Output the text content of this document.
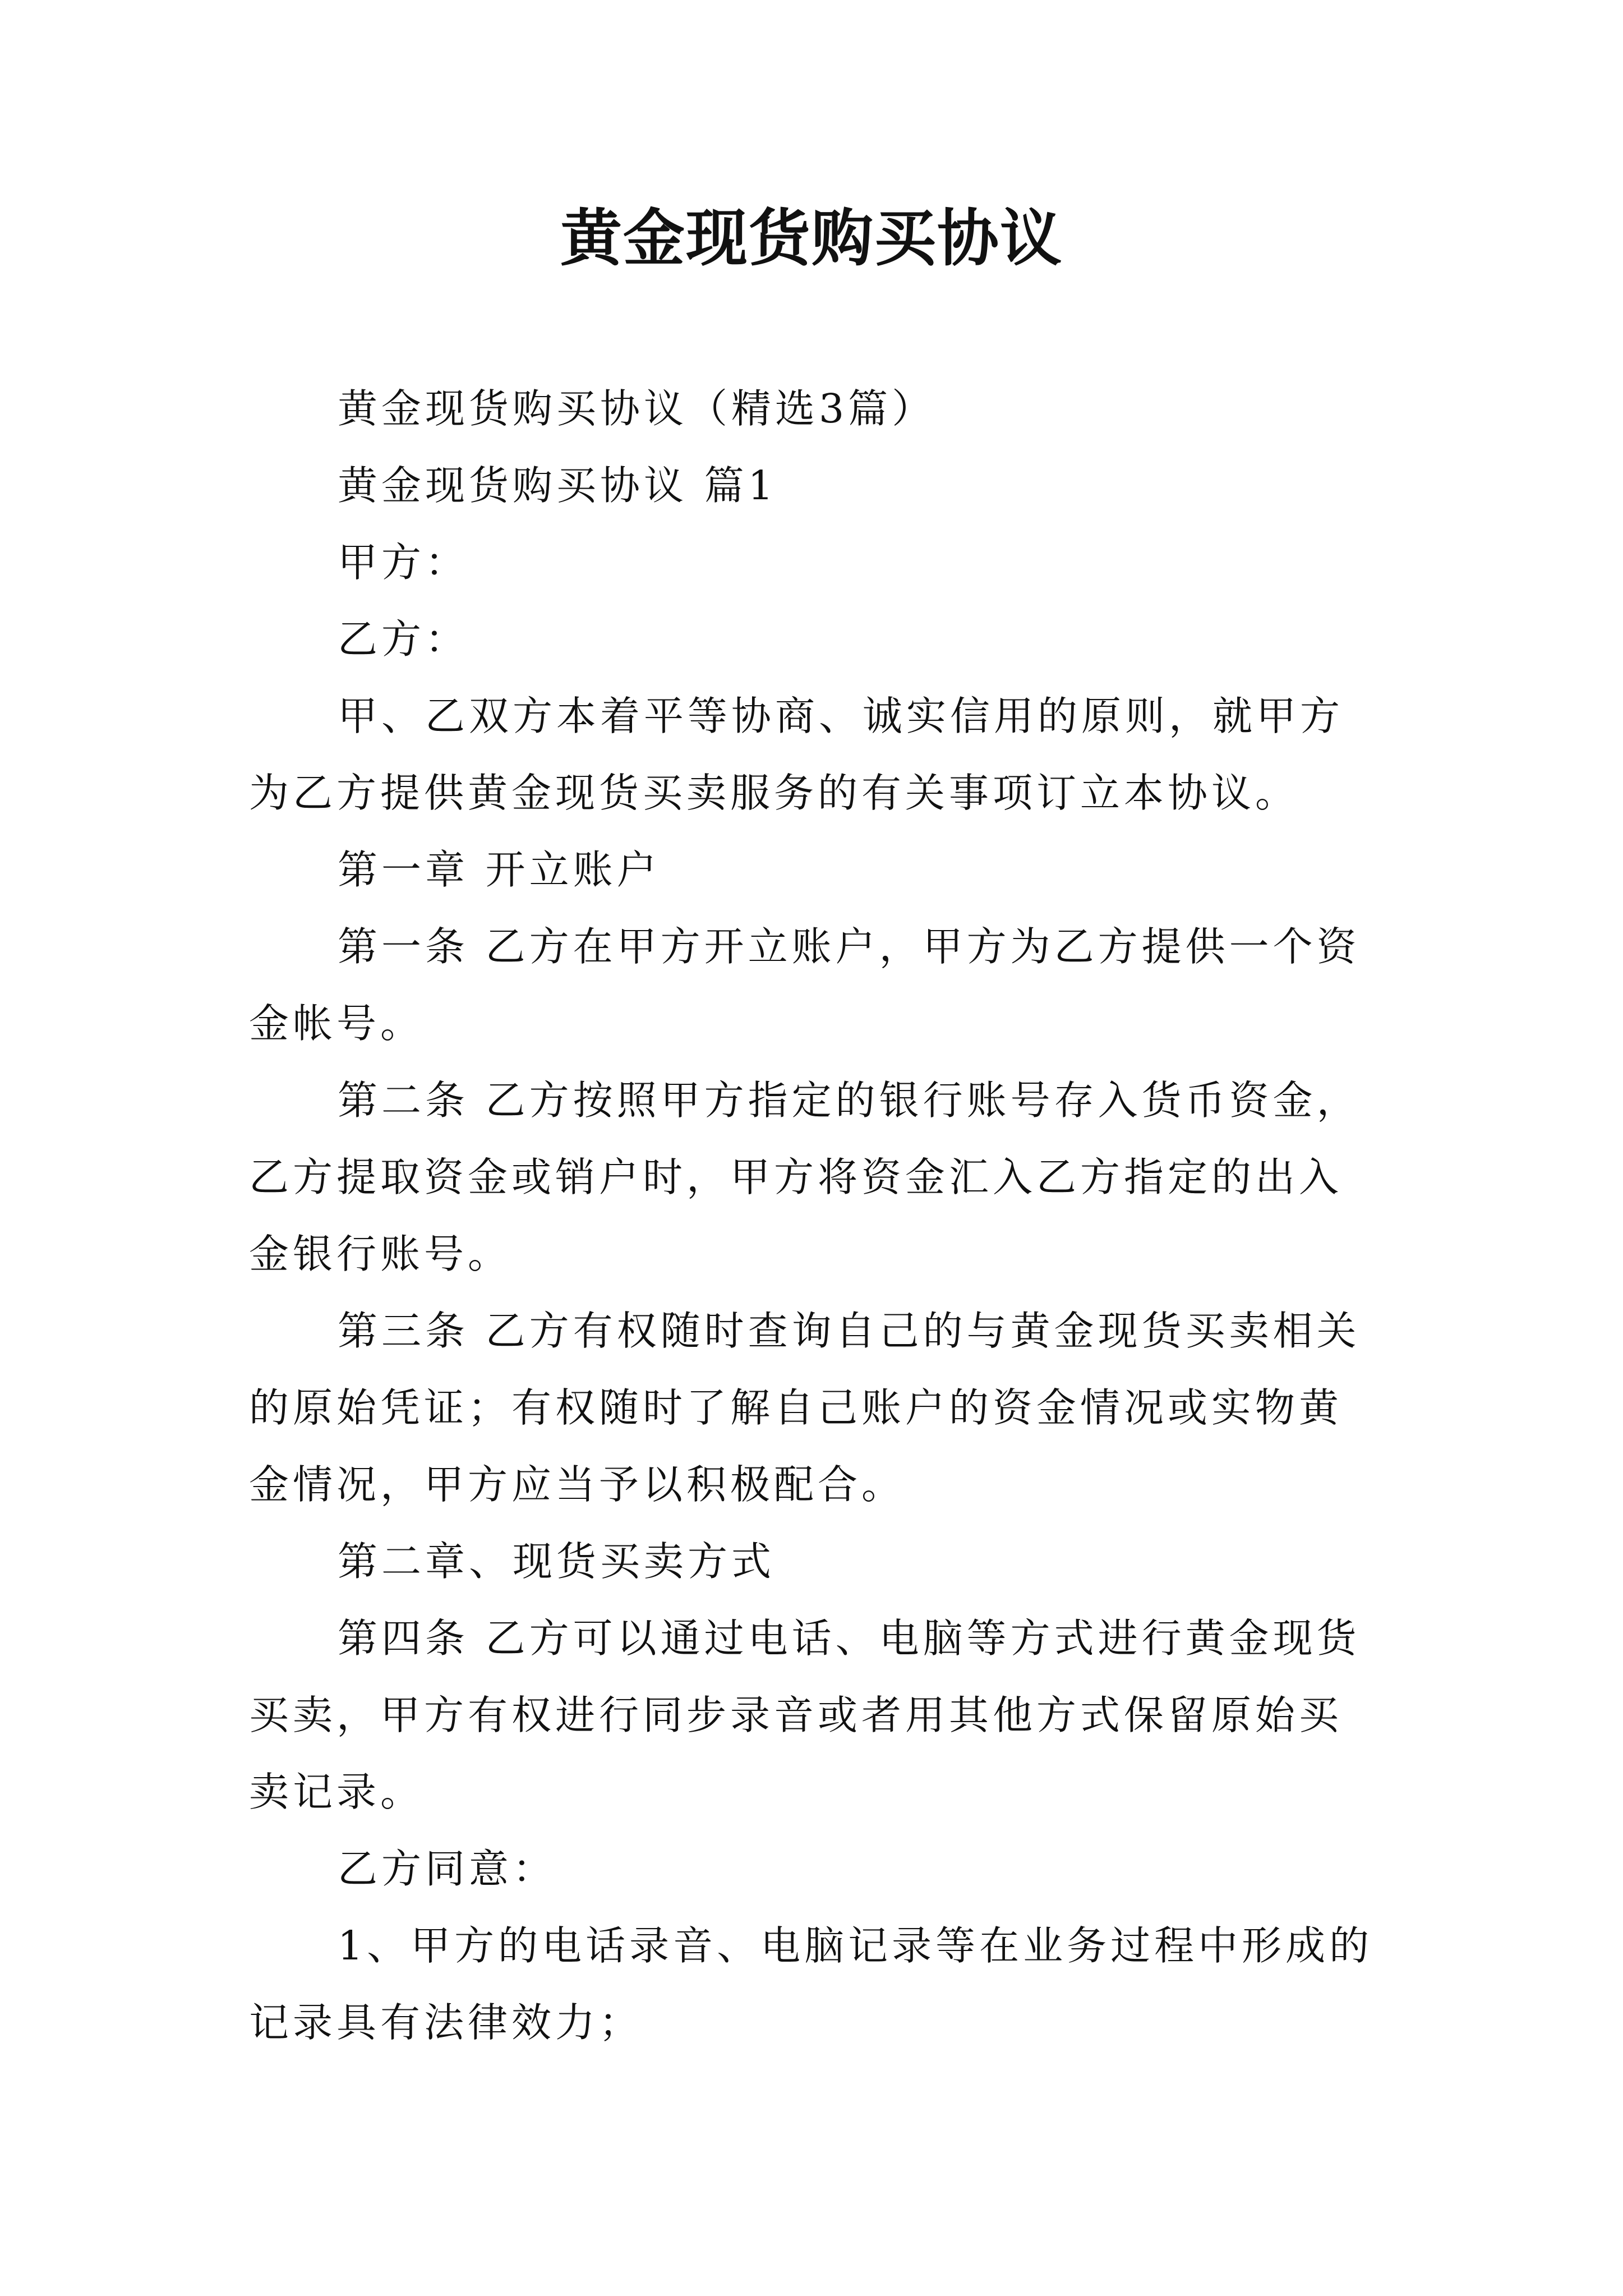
黄金现货购买协议

黄金现货购买协议（精选3篇）

黄金现货购买协议 篇1

甲方：

乙方：

甲、乙双方本着平等协商、诚实信用的原则，就甲方为乙方提供黄金现货买卖服务的有关事项订立本协议。

第一章 开立账户

第一条 乙方在甲方开立账户，甲方为乙方提供一个资金帐号。

第二条 乙方按照甲方指定的银行账号存入货币资金，乙方提取资金或销户时，甲方将资金汇入乙方指定的出入金银行账号。

第三条 乙方有权随时查询自己的与黄金现货买卖相关的原始凭证；有权随时了解自己账户的资金情况或实物黄金情况，甲方应当予以积极配合。

第二章、现货买卖方式

第四条 乙方可以通过电话、电脑等方式进行黄金现货买卖，甲方有权进行同步录音或者用其他方式保留原始买卖记录。

乙方同意：

1、甲方的电话录音、电脑记录等在业务过程中形成的记录具有法律效力；
